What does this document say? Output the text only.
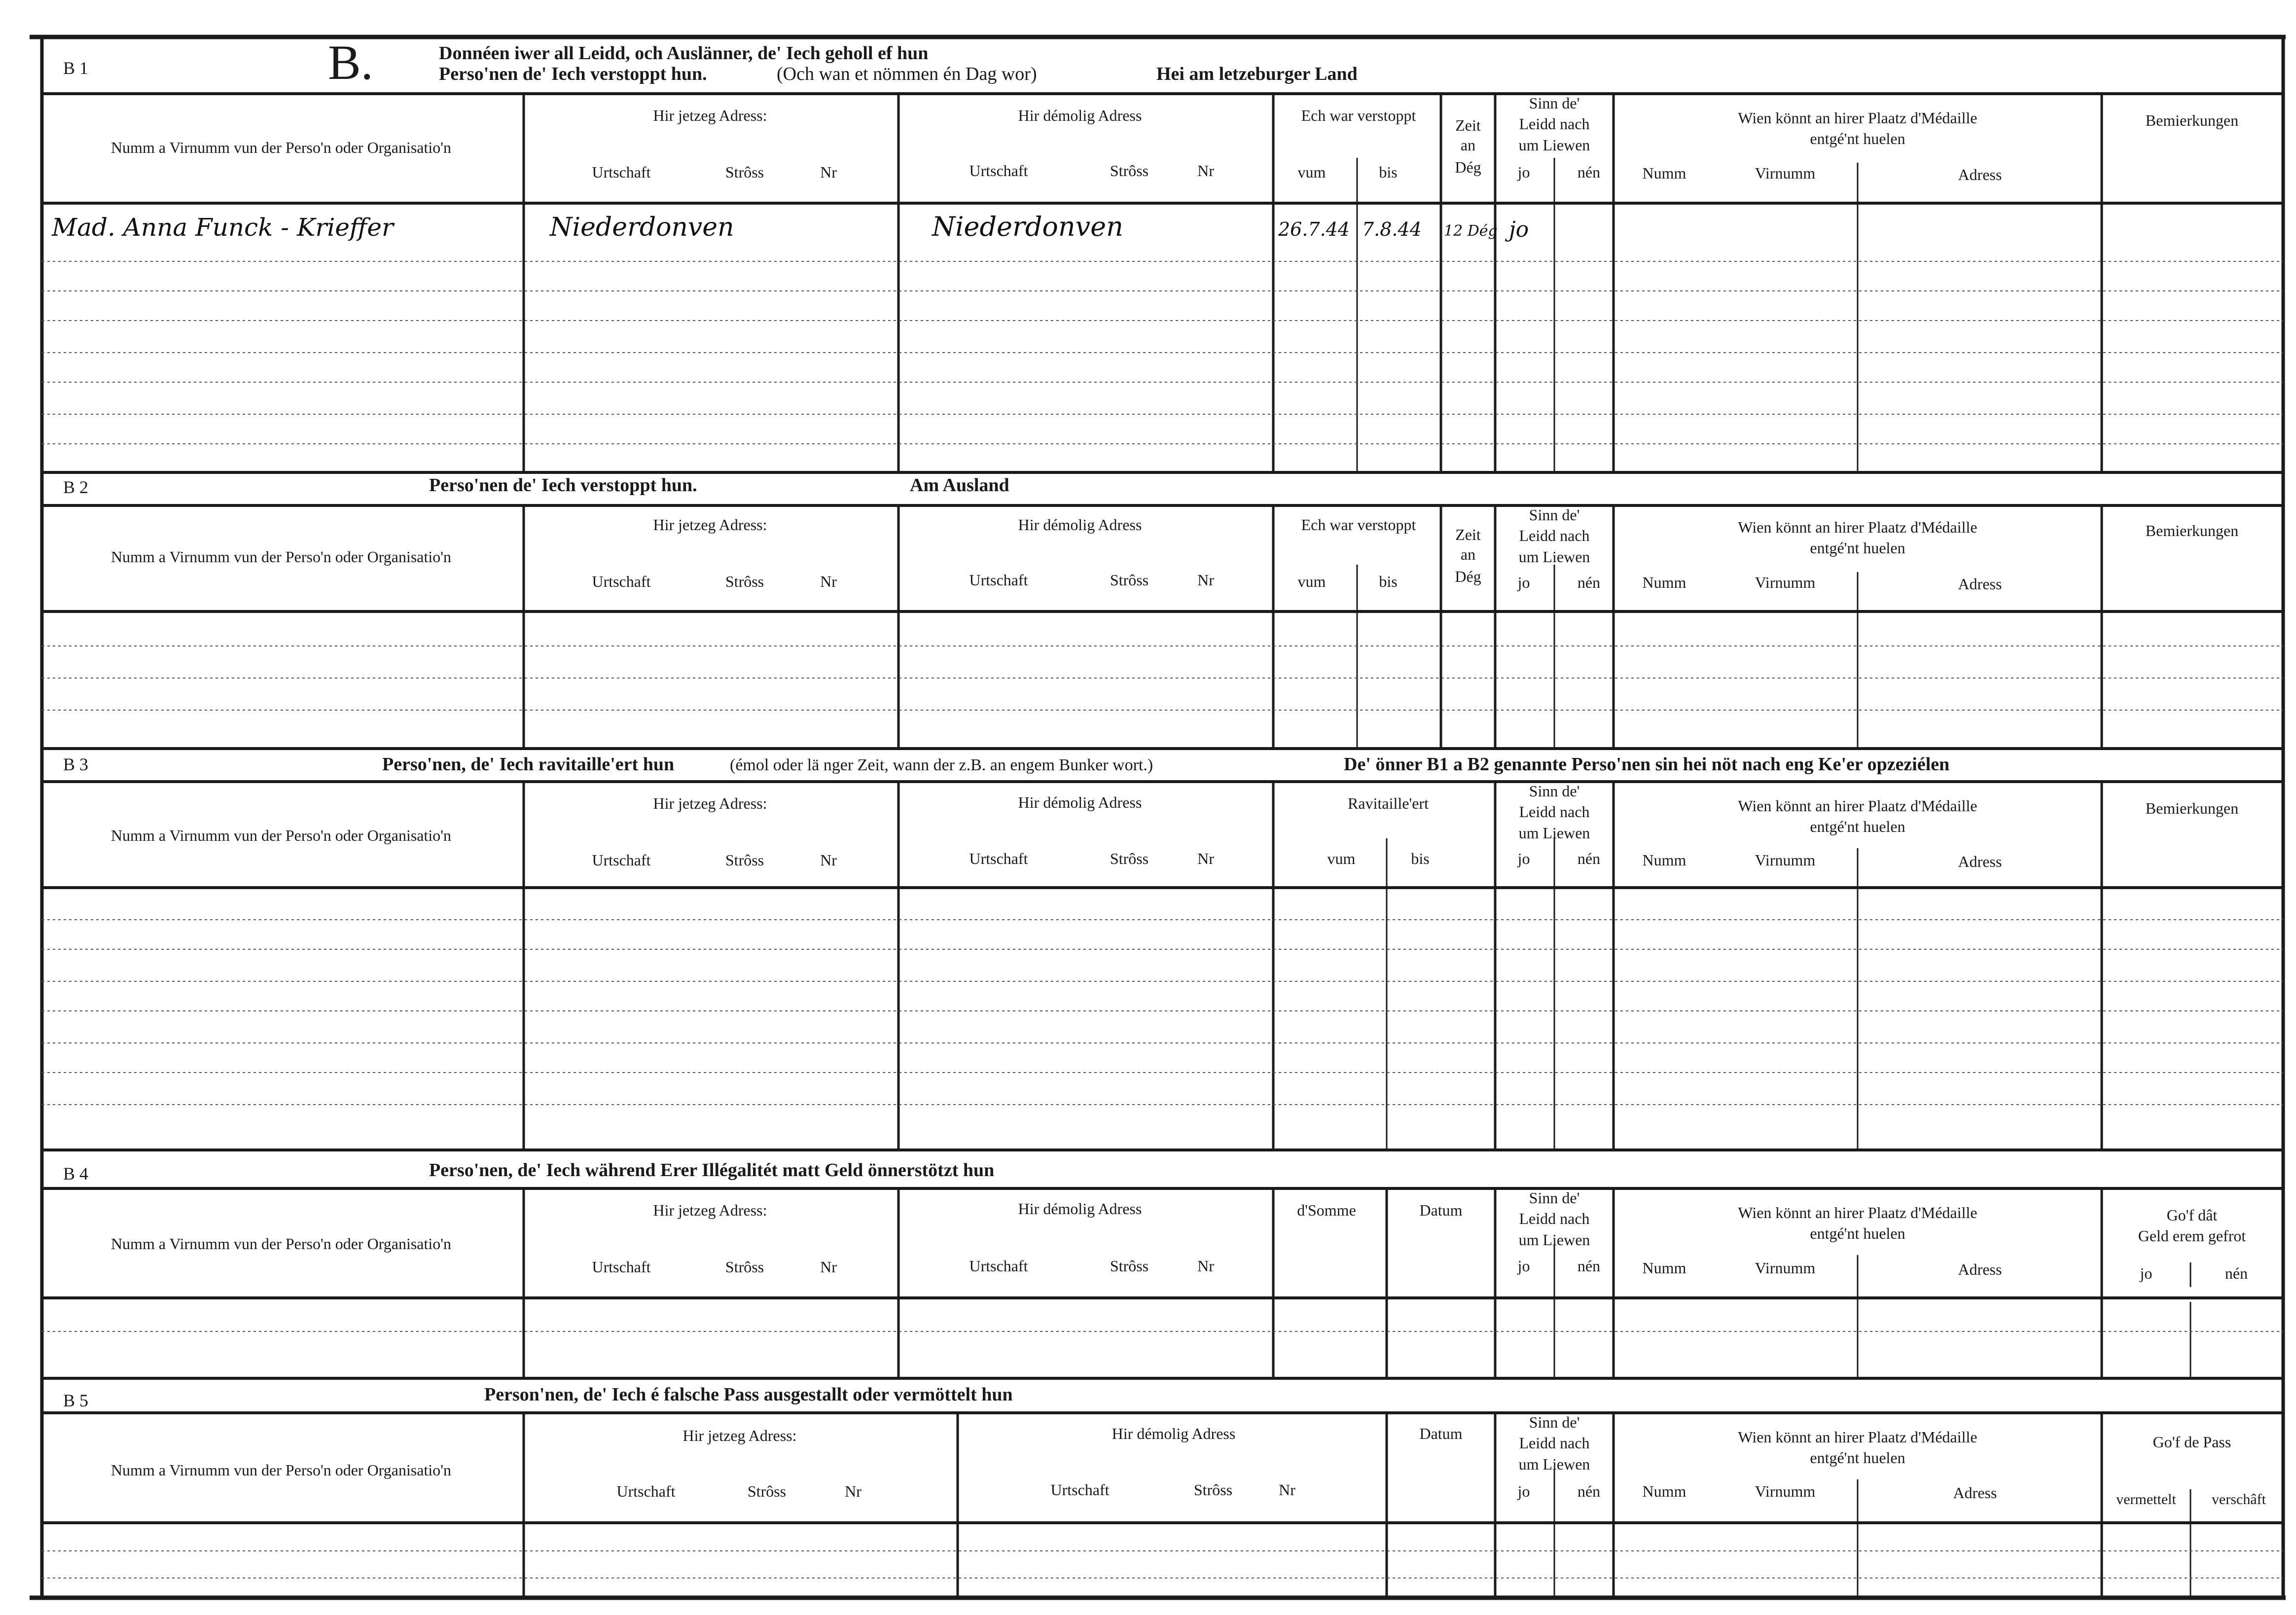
B 1	B.	Donnéen iwer all Leidd, och Auslänner, de' Iech geholl ef hun
Perso'nen de' Iech verstoppt hun.	(Och wan et nömmen én Dag wor)	Hei am letzeburger Land
Numm a Virnumm vun der Perso'n oder Organisatio'n
Hir jetzeg Adress:
Urtschaft	Strôss	Nr
Hir démolig Adress
Urtschaft	Strôss	Nr
Ech war verstoppt
vum	bis
Zeit
an
Dég
Sinn de'
Leidd nach
um Liewen
jo	nén
Wien könnt an hirer Plaatz d'Médaille
entgé'nt huelen
Numm	Virnumm	Adress
Bemierkungen
Mad. Anna Funck - Krieffer	Niederdonven	Niederdonven	26.7.44 7.8.44 12 Dég jo
B 2	Perso'nen de' Iech verstoppt hun.	Am Ausland
Numm a Virnumm vun der Perso'n oder Organisatio'n
Hir jetzeg Adress:
Urtschaft	Strôss	Nr
Hir démolig Adress
Urtschaft	Strôss	Nr
Ech war verstoppt
vum	bis
Zeit
an
Dég
Sinn de'
Leidd nach
um Liewen
jo	nén
Wien könnt an hirer Plaatz d'Médaille
entgé'nt huelen
Numm	Virnumm	Adress
Bemierkungen
B 3	Perso'nen, de' Iech ravitaille'ert hun	(émol oder lä nger Zeit, wann der z.B. an engem Bunker wort.)	De' önner B1 a B2 genannte Perso'nen sin hei nöt nach eng Ke'er opzeziélen
Numm a Virnumm vun der Perso'n oder Organisatio'n
Hir jetzeg Adress:
Urtschaft	Strôss	Nr
Hir démolig Adress
Urtschaft	Strôss	Nr
Ravitaille'ert
vum	bis
Sinn de'
Leidd nach
um Liewen
jo	nén
Wien könnt an hirer Plaatz d'Médaille
entgé'nt huelen
Numm	Virnumm	Adress
Bemierkungen
B 4	Perso'nen, de' Iech während Erer Illégalitét matt Geld önnerstötzt hun
Numm a Virnumm vun der Perso'n oder Organisatio'n
Hir jetzeg Adress:
Urtschaft	Strôss	Nr
Hir démolig Adress
Urtschaft	Strôss	Nr
d'Somme	Datum
Sinn de'
Leidd nach
um Liewen
jo	nén
Wien könnt an hirer Plaatz d'Médaille
entgé'nt huelen
Numm	Virnumm	Adress
Go'f dât
Geld erem gefrot
jo	nén
B 5	Person'nen, de' Iech é falsche Pass ausgestallt oder vermöttelt hun
Numm a Virnumm vun der Perso'n oder Organisatio'n
Hir jetzeg Adress:
Urtschaft	Strôss	Nr
Hir démolig Adress
Urtschaft	Strôss	Nr
Datum
Sinn de'
Leidd nach
um Liewen
jo	nén
Wien könnt an hirer Plaatz d'Médaille
entgé'nt huelen
Numm	Virnumm	Adress
Go'f de Pass
vermettelt verschâft
